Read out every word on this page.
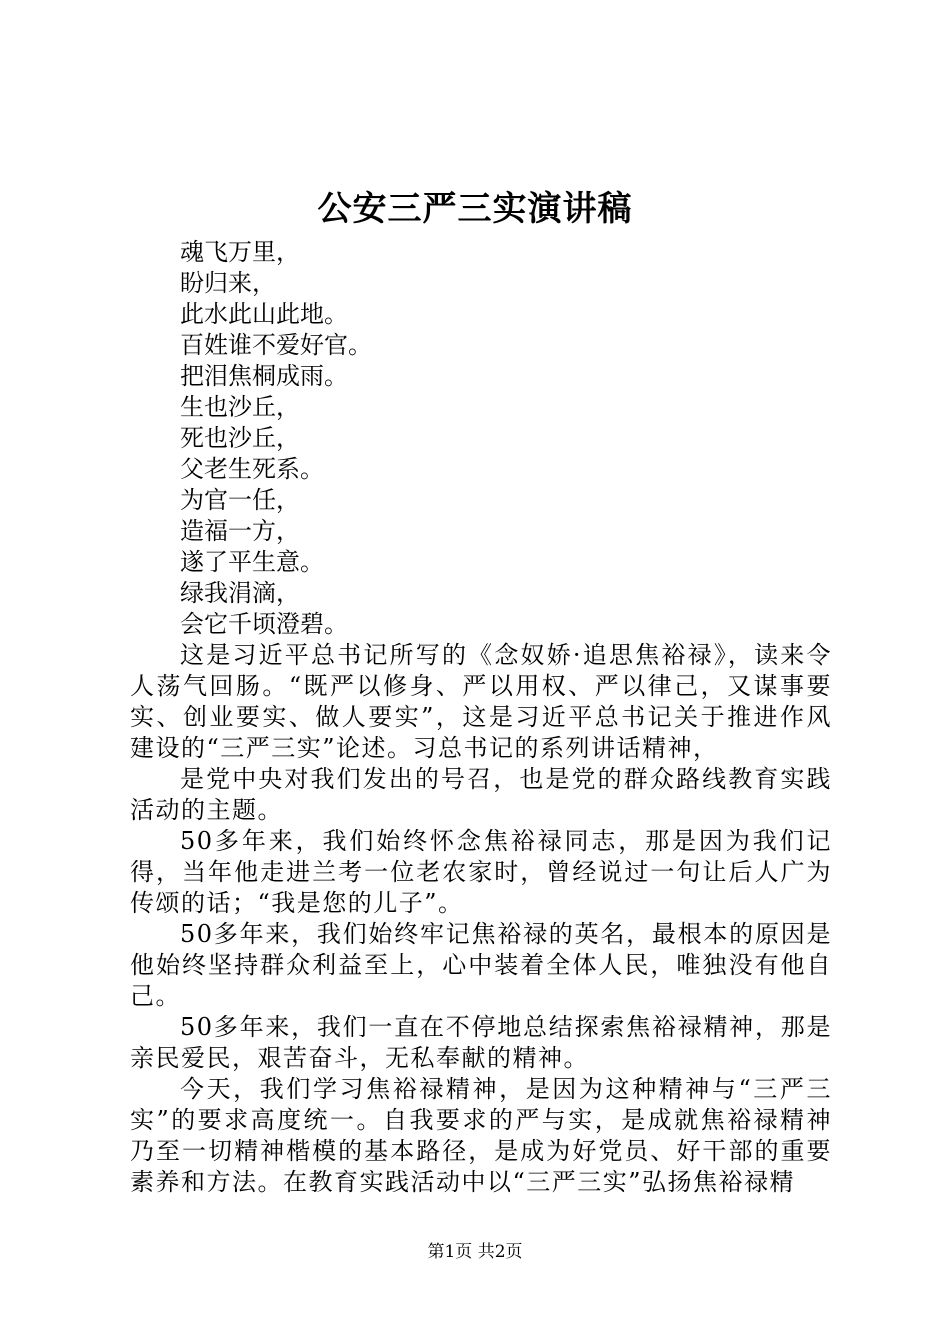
公安三严三实演讲稿

魂飞万里，

盼归来，

此水此山此地。

百姓谁不爱好官。

把泪焦桐成雨。

生也沙丘，

死也沙丘，

父老生死系。

为官一任，

造福一方，

遂了平生意。

绿我涓滴，

会它千顷澄碧。

这是习近平总书记所写的《念奴娇·追思焦裕禄》，读来令人荡气回肠。“既严以修身、严以用权、严以律己，又谋事要实、创业要实、做人要实”，这是习近平总书记关于推进作风建设的“三严三实”论述。习总书记的系列讲话精神，

是党中央对我们发出的号召，也是党的群众路线教育实践活动的主题。

50多年来，我们始终怀念焦裕禄同志，那是因为我们记得，当年他走进兰考一位老农家时，曾经说过一句让后人广为传颂的话；“我是您的儿子”。

50多年来，我们始终牢记焦裕禄的英名，最根本的原因是他始终坚持群众利益至上，心中装着全体人民，唯独没有他自己。

50多年来，我们一直在不停地总结探索焦裕禄精神，那是亲民爱民，艰苦奋斗，无私奉献的精神。

今天，我们学习焦裕禄精神，是因为这种精神与“三严三实”的要求高度统一。自我要求的严与实，是成就焦裕禄精神乃至一切精神楷模的基本路径，是成为好党员、好干部的重要素养和方法。在教育实践活动中以“三严三实”弘扬焦裕禄精

第1页 共2页
